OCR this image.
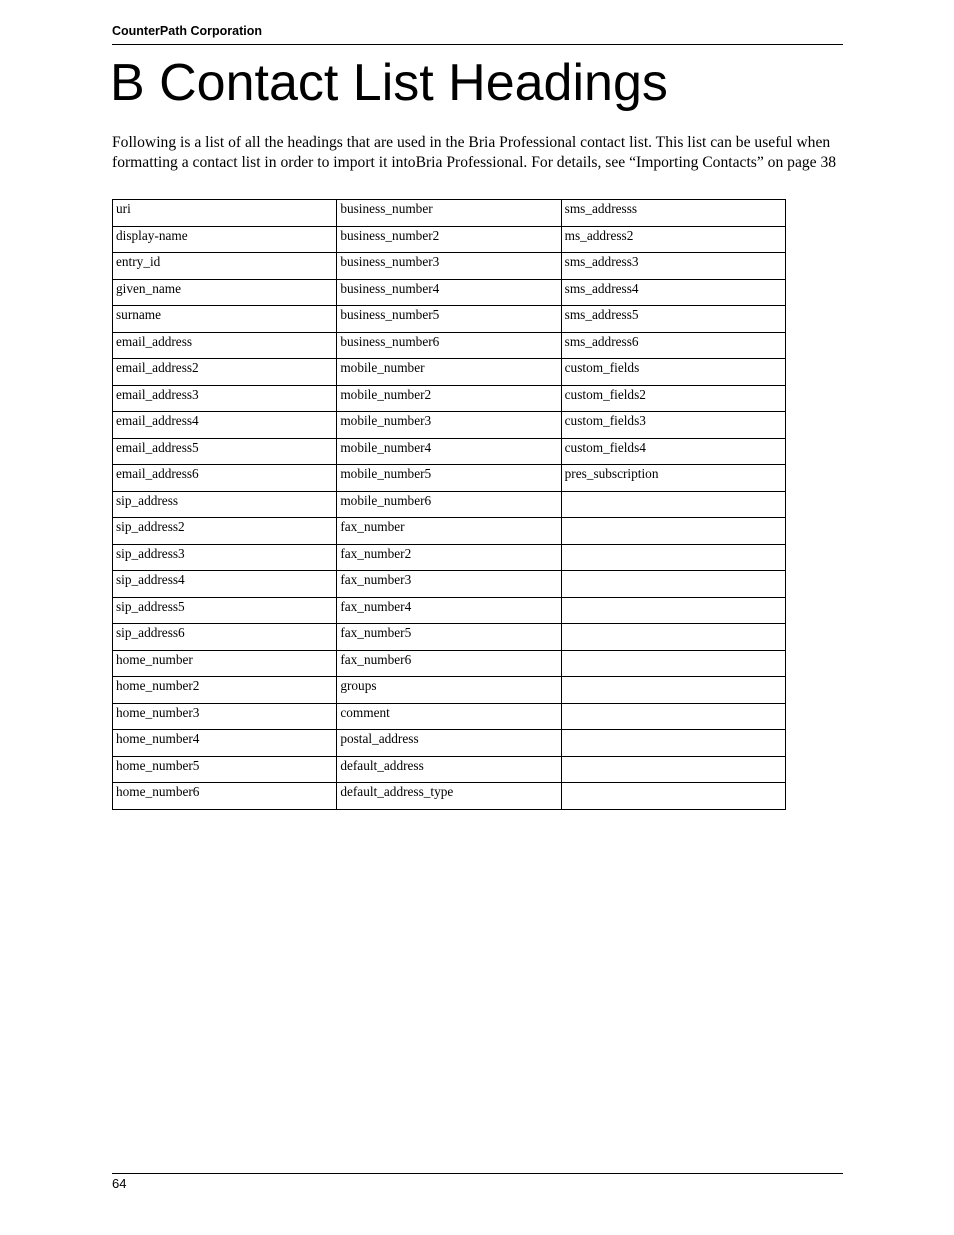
CounterPath Corporation
B Contact List Headings

Following is a list of all the headings that are used in the Bria Professional contact list. This list can be useful when formatting a contact list in order to import it intoBria Professional. For details, see “Importing Contacts” on page 38

uri	business_number	sms_addresss
display-name	business_number2	ms_address2
entry_id	business_number3	sms_address3
given_name	business_number4	sms_address4
surname	business_number5	sms_address5
email_address	business_number6	sms_address6
email_address2	mobile_number	custom_fields
email_address3	mobile_number2	custom_fields2
email_address4	mobile_number3	custom_fields3
email_address5	mobile_number4	custom_fields4
email_address6	mobile_number5	pres_subscription
sip_address	mobile_number6	
sip_address2	fax_number	
sip_address3	fax_number2	
sip_address4	fax_number3	
sip_address5	fax_number4	
sip_address6	fax_number5	
home_number	fax_number6	
home_number2	groups	
home_number3	comment	
home_number4	postal_address	
home_number5	default_address	
home_number6	default_address_type	
64
